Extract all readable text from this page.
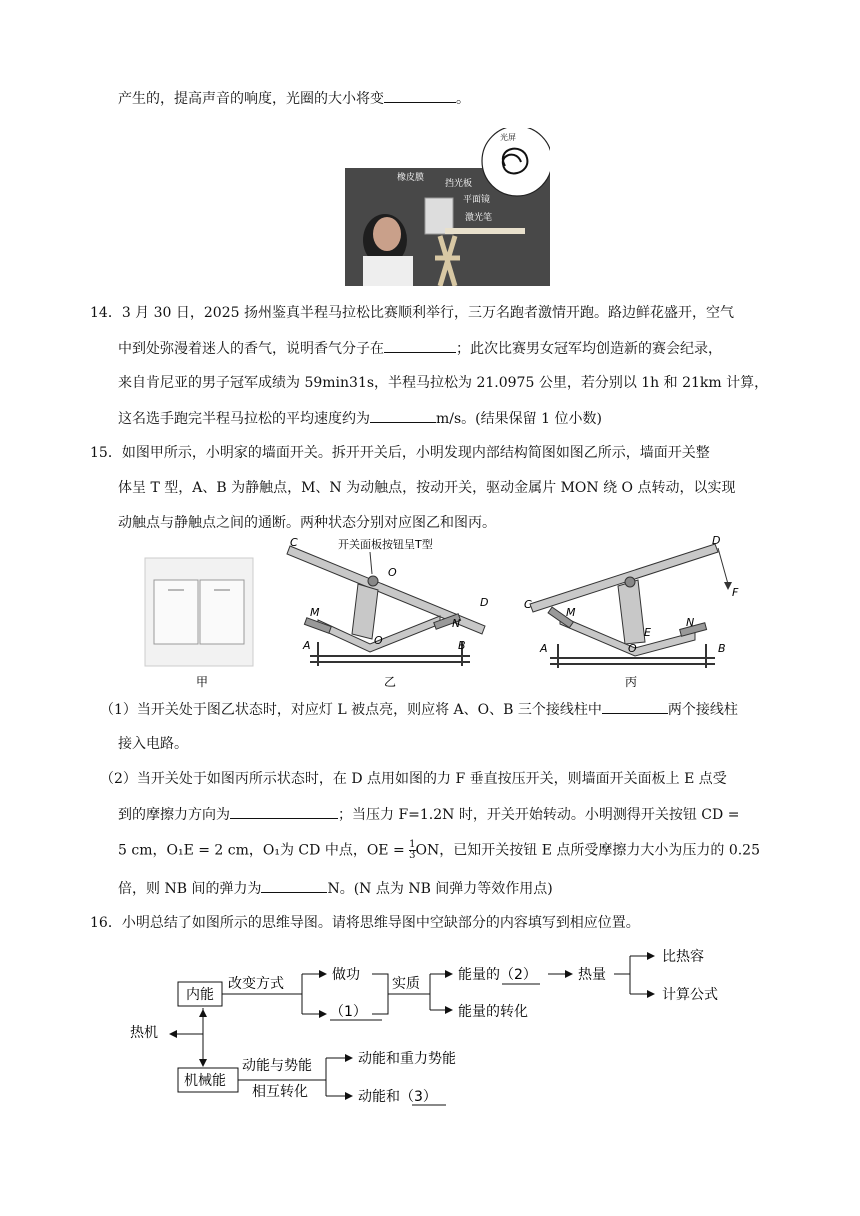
产生的，提高声音的响度，光圈的大小将变	。
橡皮膜
挡光板
平面镜
激光笔
光屏
14．3 月 30 日，2025 扬州鉴真半程马拉松比赛顺利举行，三万名跑者激情开跑。路边鲜花盛开，空气
中到处弥漫着迷人的香气，说明香气分子在	；此次比赛男女冠军均创造新的赛会纪录，
来自肯尼亚的男子冠军成绩为 59min31s，半程马拉松为 21.0975 公里，若分别以 1h 和 21km 计算，
这名选手跑完半程马拉松的平均速度约为	m/s。(结果保留 1 位小数)
15．如图甲所示，小明家的墙面开关。拆开开关后，小明发现内部结构简图如图乙所示，墙面开关整
体呈 T 型，A、B 为静触点，M、N 为动触点，按动开关，驱动金属片 MON 绕 O 点转动，以实现
动触点与静触点之间的通断。两种状态分别对应图乙和图丙。
C
D
O
M
N
O
A	B
开关面板按钮呈T型
C
D
M
N
O
E
A	B
F
甲	乙	丙
（1）当开关处于图乙状态时，对应灯 L 被点亮，则应将 A、O、B 三个接线柱中	两个接线柱
接入电路。
（2）当开关处于如图丙所示状态时，在 D 点用如图的力 F 垂直按压开关，则墙面开关面板上 E 点受
到的摩擦力方向为	；当压力 F=1.2N 时，开关开始转动。小明测得开关按钮 CD =
5 cm，O₁E = 2 cm，O₁为 CD 中点，OE = $\frac{1}{3}$ ON，已知开关按钮 E 点所受摩擦力大小为压力的 0.25
倍，则 NB 间的弹力为	N。(N 点为 NB 间弹力等效作用点)
16．小明总结了如图所示的思维导图。请将思维导图中空缺部分的内容填写到相应位置。
内能
机械能
热机
改变方式
做功
（1）
实质
能量的（2）
能量的转化
热量
比热容
计算公式
动能与势能
相互转化
动能和重力势能
动能和（3）
